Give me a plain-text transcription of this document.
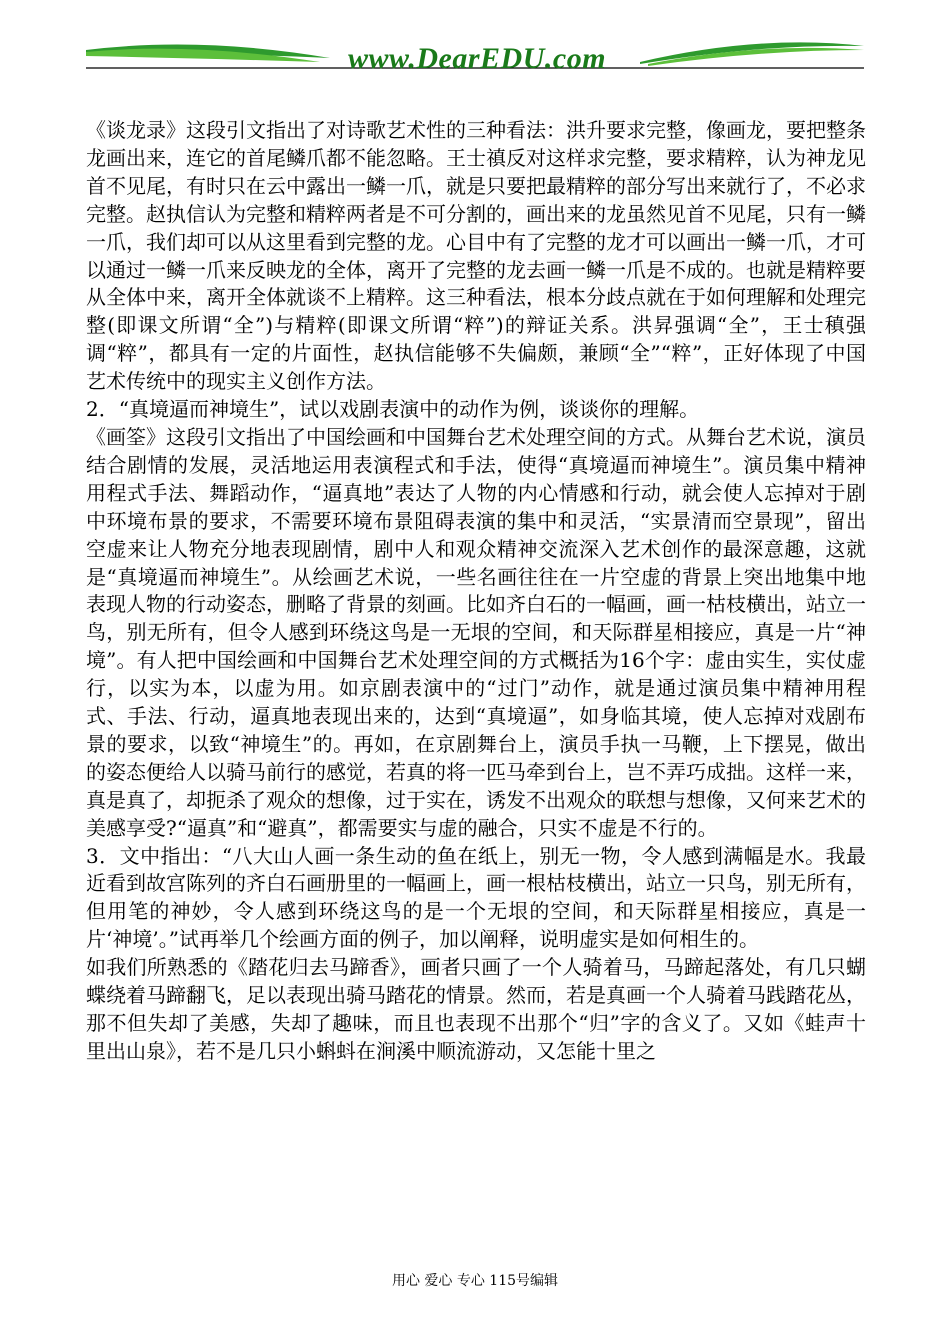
www.DearEDU.com

《谈龙录》这段引文指出了对诗歌艺术性的三种看法：洪升要求完整，像画龙，要把整条龙画出来，连它的首尾鳞爪都不能忽略。王士禛反对这样求完整，要求精粹，认为神龙见首不见尾，有时只在云中露出一鳞一爪，就是只要把最精粹的部分写出来就行了，不必求完整。赵执信认为完整和精粹两者是不可分割的，画出来的龙虽然见首不见尾，只有一鳞一爪，我们却可以从这里看到完整的龙。心目中有了完整的龙才可以画出一鳞一爪，才可以通过一鳞一爪来反映龙的全体，离开了完整的龙去画一鳞一爪是不成的。也就是精粹要从全体中来，离开全体就谈不上精粹。这三种看法，根本分歧点就在于如何理解和处理完整(即课文所谓“全”)与精粹(即课文所谓“粹”)的辩证关系。洪昇强调“全”，王士稹强调“粹”，都具有一定的片面性，赵执信能够不失偏颇，兼顾“全”“粹”，正好体现了中国艺术传统中的现实主义创作方法。

2．“真境逼而神境生”，试以戏剧表演中的动作为例，谈谈你的理解。

《画筌》这段引文指出了中国绘画和中国舞台艺术处理空间的方式。从舞台艺术说，演员结合剧情的发展，灵活地运用表演程式和手法，使得“真境逼而神境生”。演员集中精神用程式手法、舞蹈动作，“逼真地”表达了人物的内心情感和行动，就会使人忘掉对于剧中环境布景的要求，不需要环境布景阻碍表演的集中和灵活，“实景清而空景现”，留出空虚来让人物充分地表现剧情，剧中人和观众精神交流深入艺术创作的最深意趣，这就是“真境逼而神境生”。从绘画艺术说，一些名画往往在一片空虚的背景上突出地集中地表现人物的行动姿态，删略了背景的刻画。比如齐白石的一幅画，画一枯枝横出，站立一鸟，别无所有，但令人感到环绕这鸟是一无垠的空间，和天际群星相接应，真是一片“神境”。有人把中国绘画和中国舞台艺术处理空间的方式概括为16个字：虚由实生，实仗虚行，以实为本，以虚为用。如京剧表演中的“过门”动作，就是通过演员集中精神用程式、手法、行动，逼真地表现出来的，达到“真境逼”，如身临其境，使人忘掉对戏剧布景的要求，以致“神境生”的。再如，在京剧舞台上，演员手执一马鞭，上下摆晃，做出的姿态便给人以骑马前行的感觉，若真的将一匹马牵到台上，岂不弄巧成拙。这样一来，真是真了，却扼杀了观众的想像，过于实在，诱发不出观众的联想与想像，又何来艺术的美感享受?“逼真”和“避真”，都需要实与虚的融合，只实不虚是不行的。

3．文中指出：“八大山人画一条生动的鱼在纸上，别无一物，令人感到满幅是水。我最近看到故宫陈列的齐白石画册里的一幅画上，画一根枯枝横出，站立一只鸟，别无所有，但用笔的神妙，令人感到环绕这鸟的是一个无垠的空间，和天际群星相接应，真是一片‘神境’。”试再举几个绘画方面的例子，加以阐释，说明虚实是如何相生的。

如我们所熟悉的《踏花归去马蹄香》，画者只画了一个人骑着马，马蹄起落处，有几只蝴蝶绕着马蹄翻飞，足以表现出骑马踏花的情景。然而，若是真画一个人骑着马践踏花丛，那不但失却了美感，失却了趣味，而且也表现不出那个“归”字的含义了。又如《蛙声十里出山泉》，若不是几只小蝌蚪在涧溪中顺流游动，又怎能十里之

用心 爱心 专心 115号编辑
